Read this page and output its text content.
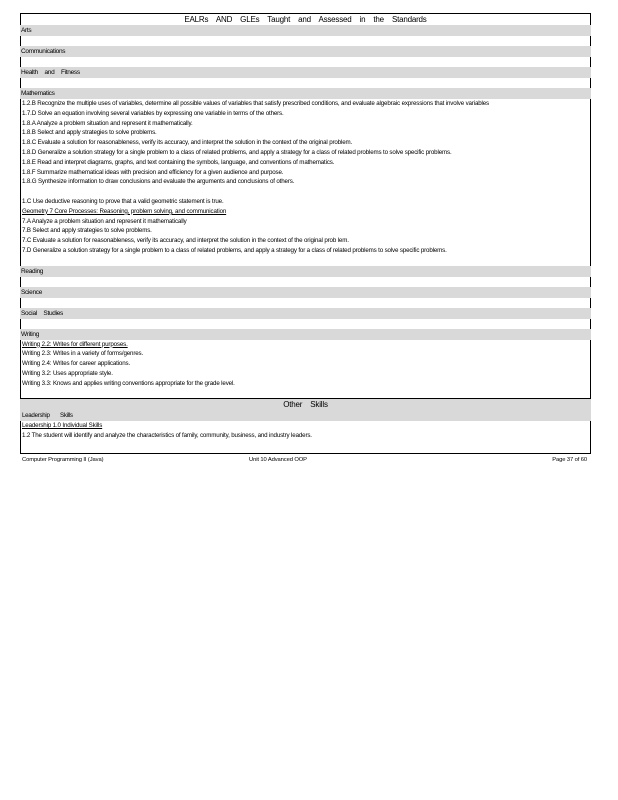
EALRs AND GLEs Taught and Assessed in the Standards
Arts
Communications
Health and Fitness
Mathematics
1.2.B Recognize the multiple uses of variables, determine all possible values of variables that satisfy prescribed conditions, and evaluate algebraic expressions that involve variables
1.7.D Solve an equation involving several variables by expressing one variable in terms of the others.
1.8.A Analyze a problem situation and represent it mathematically.
1.8.B Select and apply strategies to solve problems.
1.8.C Evaluate a solution for reasonableness, verify its accuracy, and interpret the solution in the context of the original problem.
1.8.D Generalize a solution strategy for a single problem to a class of related problems, and apply a strategy for a class of related problems to solve specific problems.
1.8.E Read and interpret diagrams, graphs, and text containing the symbols, language, and conventions of mathematics.
1.8.F Summarize mathematical ideas with precision and efficiency for a given audience and purpose.
1.8.G Synthesize information to draw conclusions and evaluate the arguments and conclusions of others.
1.C Use deductive reasoning to prove that a valid geometric statement is true.
Geometry 7 Core Processes: Reasoning, problem solving, and communication
7.A Analyze a problem situation and represent it mathematically
7.B Select and apply strategies to solve problems.
7.C Evaluate a solution for reasonableness, verify its accuracy, and interpret the solution in the context of the original prob lem.
7.D Generalize a solution strategy for a single problem to a class of related problems, and apply a strategy for a class of related problems to solve specific problems.
Reading
Science
Social Studies
Writing
Writing 2.2: Writes for different purposes.
Writing 2.3: Writes in a variety of forms/genres.
Writing 2.4: Writes for career applications.
Writing 3.2: Uses appropriate style.
Writing 3.3: Knows and applies writing conventions appropriate for the grade level.
Other Skills
Leadership Skills
Leadership 1.0 Individual Skills
1.2 The student will identify and analyze the characteristics of family, community, business, and industry leaders.
Computer Programming II (Java)	Unit 10 Advanced OOP	Page 37 of 60
